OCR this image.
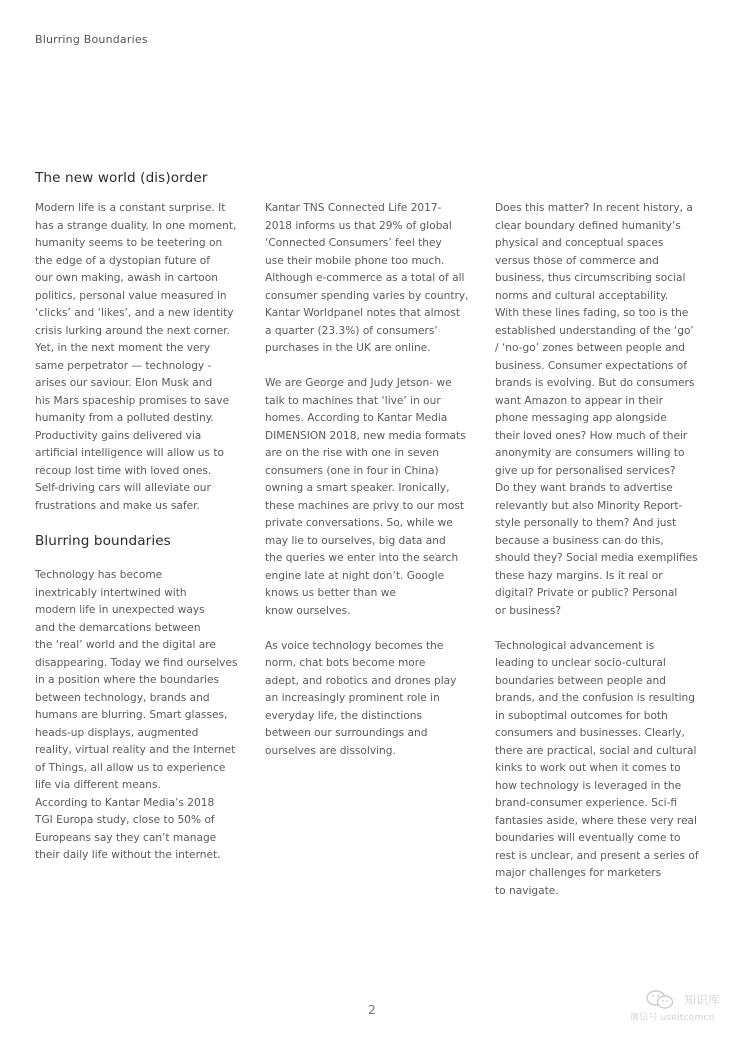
Blurring Boundaries
The new world (dis)order
Modern life is a constant surprise. It
has a strange duality. In one moment,
humanity seems to be teetering on
the edge of a dystopian future of
our own making, awash in cartoon
politics, personal value measured in
‘clicks’ and ‘likes’, and a new identity
crisis lurking around the next corner.
Yet, in the next moment the very
same perpetrator — technology -
arises our saviour. Elon Musk and
his Mars spaceship promises to save
humanity from a polluted destiny.
Productivity gains delivered via
artificial intelligence will allow us to
recoup lost time with loved ones.
Self-driving cars will alleviate our
frustrations and make us safer.
Blurring boundaries
Technology has become
inextricably intertwined with
modern life in unexpected ways
and the demarcations between
the ‘real’ world and the digital are
disappearing. Today we find ourselves
in a position where the boundaries
between technology, brands and
humans are blurring. Smart glasses,
heads-up displays, augmented
reality, virtual reality and the Internet
of Things, all allow us to experience
life via different means.
According to Kantar Media’s 2018
TGI Europa study, close to 50% of
Europeans say they can’t manage
their daily life without the internet.
Kantar TNS Connected Life 2017-
2018 informs us that 29% of global
‘Connected Consumers’ feel they
use their mobile phone too much.
Although e-commerce as a total of all
consumer spending varies by country,
Kantar Worldpanel notes that almost
a quarter (23.3%) of consumers’
purchases in the UK are online.
We are George and Judy Jetson- we
talk to machines that ‘live’ in our
homes. According to Kantar Media
DIMENSION 2018, new media formats
are on the rise with one in seven
consumers (one in four in China)
owning a smart speaker. Ironically,
these machines are privy to our most
private conversations. So, while we
may lie to ourselves, big data and
the queries we enter into the search
engine late at night don’t. Google
knows us better than we
know ourselves.
As voice technology becomes the
norm, chat bots become more
adept, and robotics and drones play
an increasingly prominent role in
everyday life, the distinctions
between our surroundings and
ourselves are dissolving.
Does this matter? In recent history, a
clear boundary defined humanity’s
physical and conceptual spaces
versus those of commerce and
business, thus circumscribing social
norms and cultural acceptability.
With these lines fading, so too is the
established understanding of the ‘go’
/ ‘no-go’ zones between people and
business. Consumer expectations of
brands is evolving. But do consumers
want Amazon to appear in their
phone messaging app alongside
their loved ones? How much of their
anonymity are consumers willing to
give up for personalised services?
Do they want brands to advertise
relevantly but also Minority Report-
style personally to them? And just
because a business can do this,
should they? Social media exemplifies
these hazy margins. Is it real or
digital? Private or public? Personal
or business?
Technological advancement is
leading to unclear socio-cultural
boundaries between people and
brands, and the confusion is resulting
in suboptimal outcomes for both
consumers and businesses. Clearly,
there are practical, social and cultural
kinks to work out when it comes to
how technology is leveraged in the
brand-consumer experience. Sci-fi
fantasies aside, where these very real
boundaries will eventually come to
rest is unclear, and present a series of
major challenges for marketers
to navigate.
2
知识库
微信号 useitcomcn
